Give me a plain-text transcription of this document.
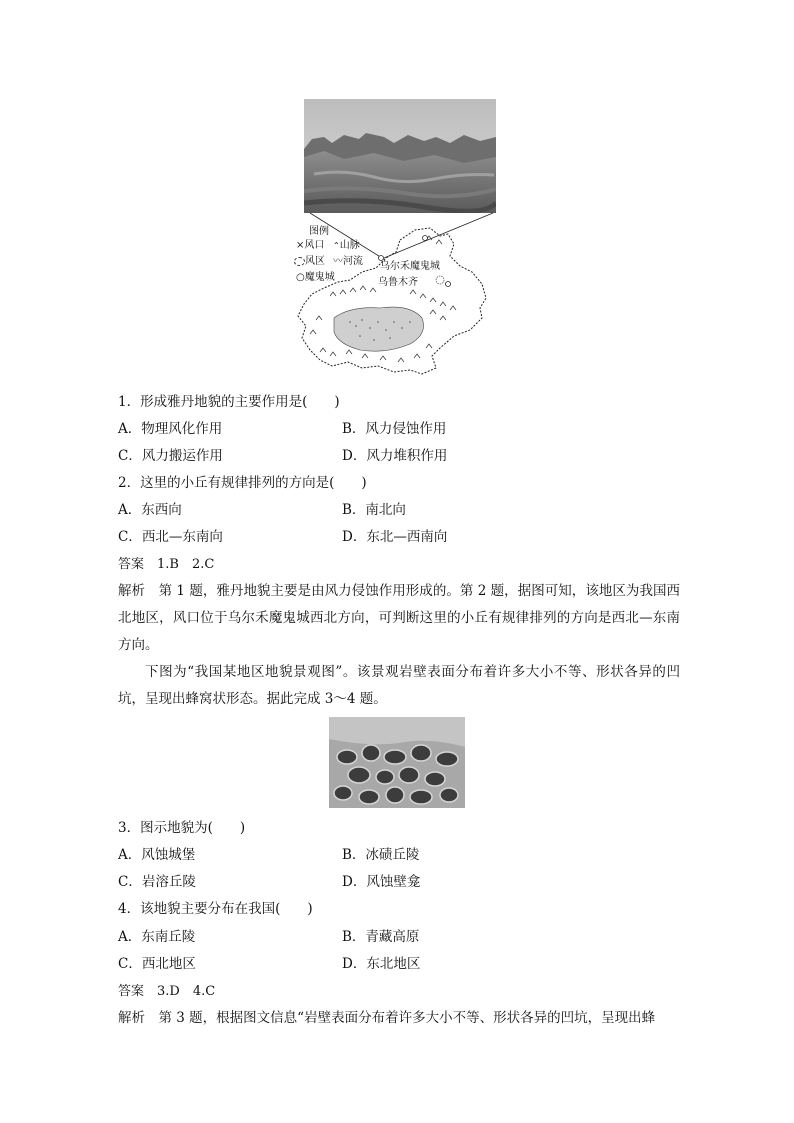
图例
×风口 ⌃山脉
风区 〰河流
○魔鬼城
乌尔禾魔鬼城
乌鲁木齐
1．形成雅丹地貌的主要作用是(　　)
A．物理风化作用	B．风力侵蚀作用
C．风力搬运作用	D．风力堆积作用
2．这里的小丘有规律排列的方向是(　　)
A．东西向	B．南北向
C．西北—东南向	D．东北—西南向
答案　1.B　2.C
解析　第 1 题，雅丹地貌主要是由风力侵蚀作用形成的。第 2 题，据图可知，该地区为我国西北地区，风口位于乌尔禾魔鬼城西北方向，可判断这里的小丘有规律排列的方向是西北—东南方向。
下图为“我国某地区地貌景观图”。该景观岩壁表面分布着许多大小不等、形状各异的凹坑，呈现出蜂窝状形态。据此完成 3～4 题。
3．图示地貌为(　　)
A．风蚀城堡	B．冰碛丘陵
C．岩溶丘陵	D．风蚀壁龛
4．该地貌主要分布在我国(　　)
A．东南丘陵	B．青藏高原
C．西北地区	D．东北地区
答案　3.D　4.C
解析　第 3 题，根据图文信息“岩壁表面分布着许多大小不等、形状各异的凹坑，呈现出蜂
